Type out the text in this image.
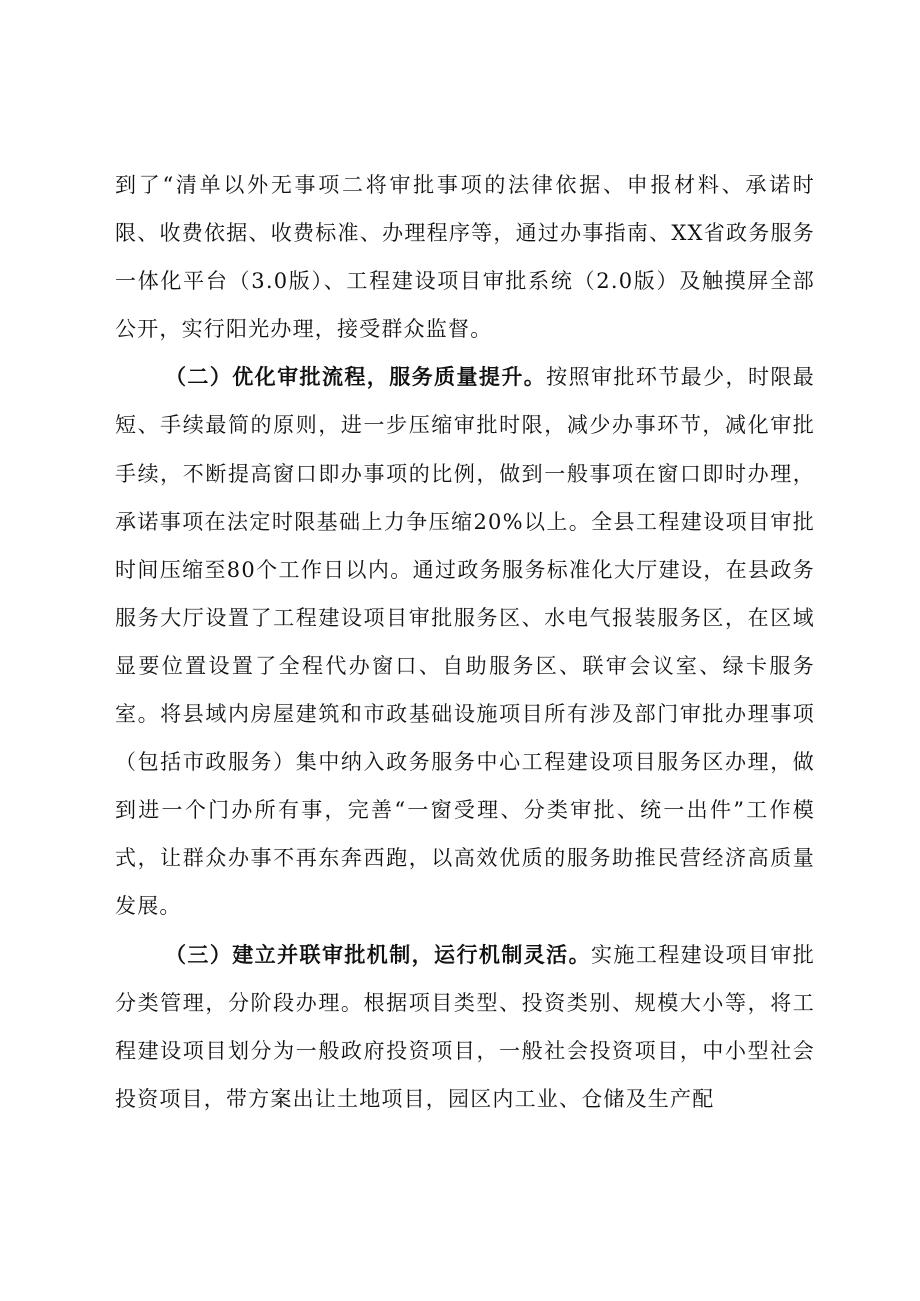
到了“清单以外无事项二将审批事项的法律依据、申报材料、承诺时限、收费依据、收费标准、办理程序等，通过办事指南、XX省政务服务一体化平台（3.0版）、工程建设项目审批系统（2.0版）及触摸屏全部公开，实行阳光办理，接受群众监督。

（二）优化审批流程，服务质量提升。按照审批环节最少，时限最短、手续最简的原则，进一步压缩审批时限，减少办事环节，减化审批手续，不断提高窗口即办事项的比例，做到一般事项在窗口即时办理，承诺事项在法定时限基础上力争压缩20%以上。全县工程建设项目审批时间压缩至80个工作日以内。通过政务服务标准化大厅建设，在县政务服务大厅设置了工程建设项目审批服务区、水电气报装服务区，在区域显要位置设置了全程代办窗口、自助服务区、联审会议室、绿卡服务室。将县域内房屋建筑和市政基础设施项目所有涉及部门审批办理事项（包括市政服务）集中纳入政务服务中心工程建设项目服务区办理，做到进一个门办所有事，完善“一窗受理、分类审批、统一出件”工作模式，让群众办事不再东奔西跑，以高效优质的服务助推民营经济高质量发展。

（三）建立并联审批机制，运行机制灵活。实施工程建设项目审批分类管理，分阶段办理。根据项目类型、投资类别、规模大小等，将工程建设项目划分为一般政府投资项目，一般社会投资项目，中小型社会投资项目，带方案出让土地项目，园区内工业、仓储及生产配
